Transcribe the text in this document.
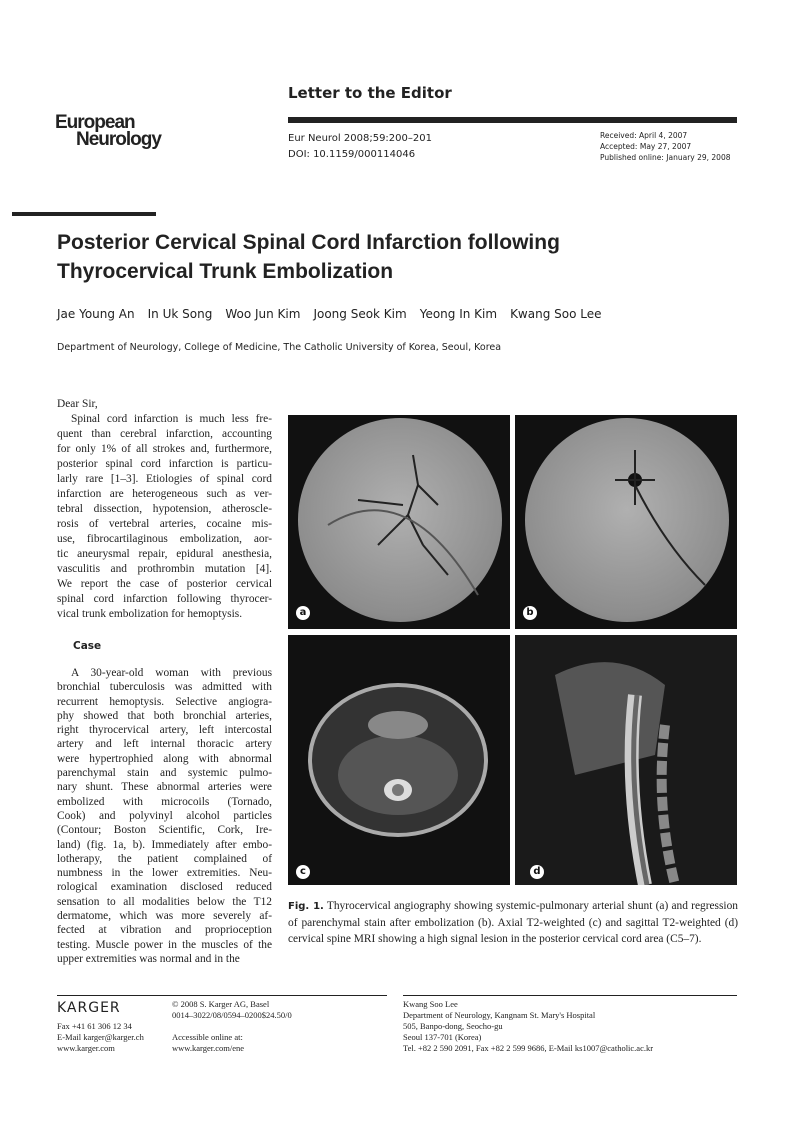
European
Neurology
Letter to the Editor
Eur Neurol 2008;59:200–201
DOI: 10.1159/000114046
Received: April 4, 2007
Accepted: May 27, 2007
Published online: January 29, 2008
Posterior Cervical Spinal Cord Infarction following
Thyrocervical Trunk Embolization
Jae Young An In Uk Song Woo Jun Kim Joong Seok Kim Yeong In Kim Kwang Soo Lee
Department of Neurology, College of Medicine, The Catholic University of Korea, Seoul, Korea
Dear Sir,
Spinal cord infarction is much less fre-
quent than cerebral infarction, accounting
for only 1% of all strokes and, furthermore,
posterior spinal cord infarction is particu-
larly rare [1–3]. Etiologies of spinal cord
infarction are heterogeneous such as ver-
tebral dissection, hypotension, atheroscle-
rosis of vertebral arteries, cocaine mis-
use, fibrocartilaginous embolization, aor-
tic aneurysmal repair, epidural anesthesia,
vasculitis and prothrombin mutation [4].
We report the case of posterior cervical
spinal cord infarction following thyrocer-
vical trunk embolization for hemoptysis.
Case
A 30-year-old woman with previous
bronchial tuberculosis was admitted with
recurrent hemoptysis. Selective angiogra-
phy showed that both bronchial arteries,
right thyrocervical artery, left intercostal
artery and left internal thoracic artery
were hypertrophied along with abnormal
parenchymal stain and systemic pulmo-
nary shunt. These abnormal arteries were
embolized with microcoils (Tornado,
Cook) and polyvinyl alcohol particles
(Contour; Boston Scientific, Cork, Ire-
land) (fig. 1a, b). Immediately after embo-
lotherapy, the patient complained of
numbness in the lower extremities. Neu-
rological examination disclosed reduced
sensation to all modalities below the T12
dermatome, which was more severely af-
fected at vibration and proprioception
testing. Muscle power in the muscles of the
upper extremities was normal and in the
a	b
c	d
Fig. 1. Thyrocervical angiography showing systemic-pulmonary arterial shunt (a) and regression of parenchymal stain after embolization (b). Axial T2-weighted (c) and sagittal T2-weighted (d) cervical spine MRI showing a high signal lesion in the posterior cervical cord area (C5–7).
KARGER
Fax +41 61 306 12 34
E-Mail karger@karger.ch
www.karger.com
© 2008 S. Karger AG, Basel
0014–3022/08/0594–0200$24.50/0
Accessible online at:
www.karger.com/ene
Kwang Soo Lee
Department of Neurology, Kangnam St. Mary's Hospital
505, Banpo-dong, Seocho-gu
Seoul 137-701 (Korea)
Tel. +82 2 590 2091, Fax +82 2 599 9686, E-Mail ks1007@catholic.ac.kr
